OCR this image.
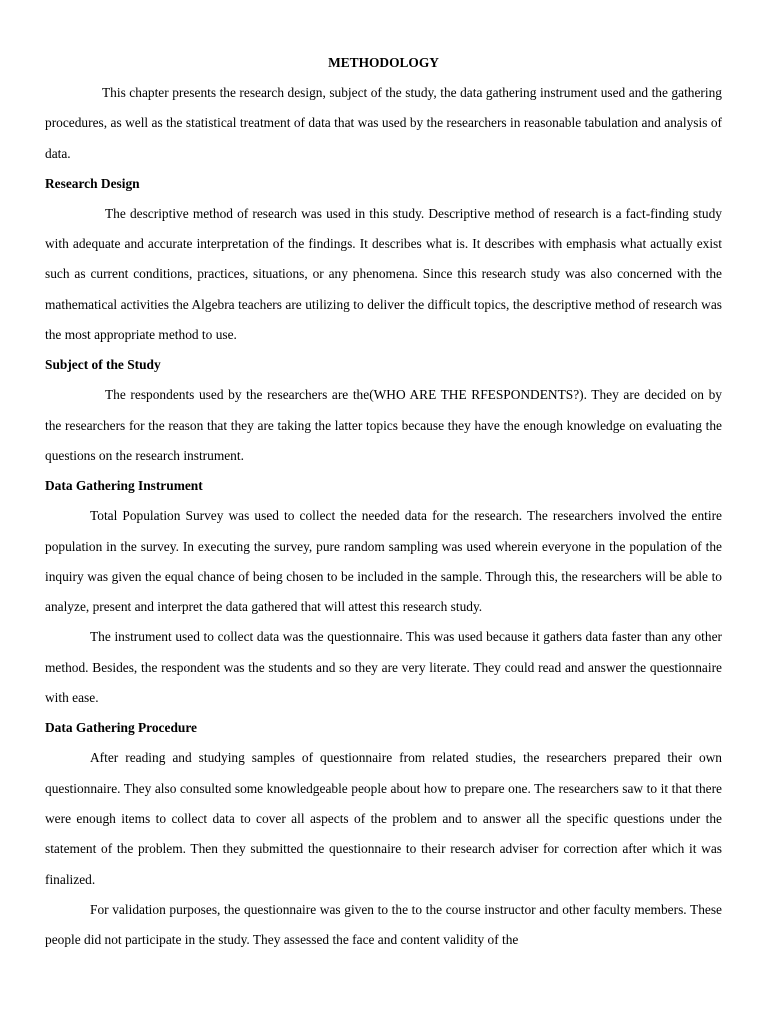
METHODOLOGY

This chapter presents the research design, subject of the study, the data gathering instrument used and the gathering procedures, as well as the statistical treatment of data that was used by the researchers in reasonable tabulation and analysis of data.

Research Design

The descriptive method of research was used in this study. Descriptive method of research is a fact-finding study with adequate and accurate interpretation of the findings. It describes what is. It describes with emphasis what actually exist such as current conditions, practices, situations, or any phenomena. Since this research study was also concerned with the mathematical activities the Algebra teachers are utilizing to deliver the difficult topics, the descriptive method of research was the most appropriate method to use.

Subject of the Study

The respondents used by the researchers are the(WHO ARE THE RFESPONDENTS?). They are decided on by the researchers for the reason that they are taking the latter topics because they have the enough knowledge on evaluating the questions on the research instrument.

Data Gathering Instrument

Total Population Survey was used to collect the needed data for the research. The researchers involved the entire population in the survey. In executing the survey, pure random sampling was used wherein everyone in the population of the inquiry was given the equal chance of being chosen to be included in the sample. Through this, the researchers will be able to analyze, present and interpret the data gathered that will attest this research study.

The instrument used to collect data was the questionnaire. This was used because it gathers data faster than any other method. Besides, the respondent was the students and so they are very literate. They could read and answer the questionnaire with ease.

Data Gathering Procedure

After reading and studying samples of questionnaire from related studies, the researchers prepared their own questionnaire. They also consulted some knowledgeable people about how to prepare one. The researchers saw to it that there were enough items to collect data to cover all aspects of the problem and to answer all the specific questions under the statement of the problem. Then they submitted the questionnaire to their research adviser for correction after which it was finalized.

For validation purposes, the questionnaire was given to the to the course instructor and other faculty members. These people did not participate in the study. They assessed the face and content validity of the
